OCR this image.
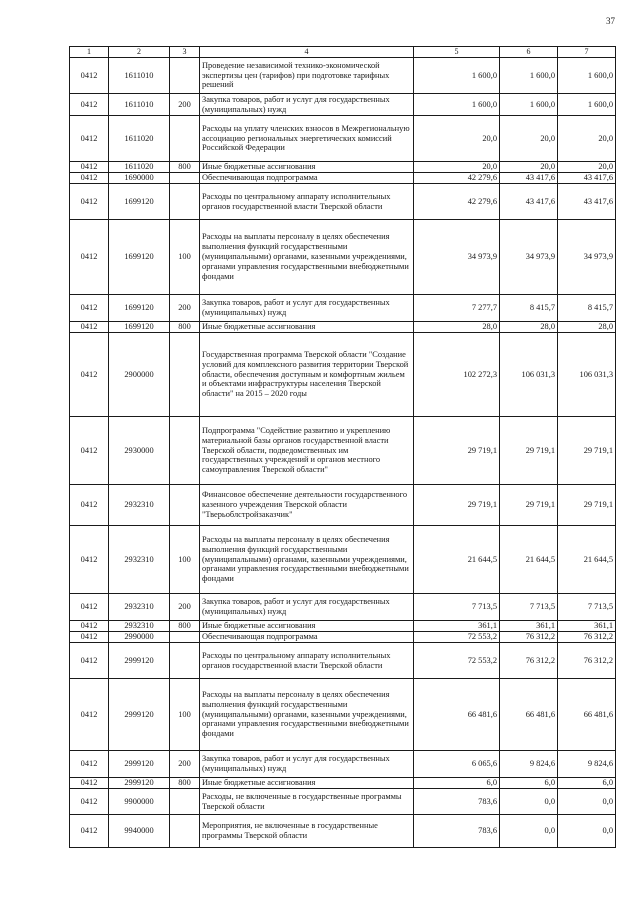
37
1	2	3	4	5	6	7
0412	1611010		Проведение независимой технико-экономической экспертизы цен (тарифов) при подготовке тарифных решений	1 600,0	1 600,0	1 600,0
0412	1611010	200	Закупка товаров, работ и услуг для государственных (муниципальных) нужд	1 600,0	1 600,0	1 600,0
0412	1611020		Расходы на уплату членских взносов в Межрегиональную ассоциацию региональных энергетических комиссий Российской Федерации	20,0	20,0	20,0
0412	1611020	800	Иные бюджетные ассигнования	20,0	20,0	20,0
0412	1690000		Обеспечивающая подпрограмма	42 279,6	43 417,6	43 417,6
0412	1699120		Расходы по центральному аппарату исполнительных органов государственной власти Тверской области	42 279,6	43 417,6	43 417,6
0412	1699120	100	Расходы на выплаты персоналу в целях обеспечения выполнения функций государственными (муниципальными) органами, казенными учреждениями, органами управления государственными внебюджетными фондами	34 973,9	34 973,9	34 973,9
0412	1699120	200	Закупка товаров, работ и услуг для государственных (муниципальных) нужд	7 277,7	8 415,7	8 415,7
0412	1699120	800	Иные бюджетные ассигнования	28,0	28,0	28,0
0412	2900000		Государственная программа Тверской области "Создание условий для комплексного развития территории Тверской области, обеспечения доступным и комфортным жильем и объектами инфраструктуры населения Тверской области" на 2015 – 2020 годы	102 272,3	106 031,3	106 031,3
0412	2930000		Подпрограмма "Содействие развитию и укреплению материальной базы органов государственной власти Тверской области, подведомственных им государственных учреждений и органов местного самоуправления Тверской области"	29 719,1	29 719,1	29 719,1
0412	2932310		Финансовое обеспечение деятельности государственного казенного учреждения Тверской области "Тверьоблстройзаказчик"	29 719,1	29 719,1	29 719,1
0412	2932310	100	Расходы на выплаты персоналу в целях обеспечения выполнения функций государственными (муниципальными) органами, казенными учреждениями, органами управления государственными внебюджетными фондами	21 644,5	21 644,5	21 644,5
0412	2932310	200	Закупка товаров, работ и услуг для государственных (муниципальных) нужд	7 713,5	7 713,5	7 713,5
0412	2932310	800	Иные бюджетные ассигнования	361,1	361,1	361,1
0412	2990000		Обеспечивающая подпрограмма	72 553,2	76 312,2	76 312,2
0412	2999120		Расходы по центральному аппарату исполнительных органов государственной власти Тверской области	72 553,2	76 312,2	76 312,2
0412	2999120	100	Расходы на выплаты персоналу в целях обеспечения выполнения функций государственными (муниципальными) органами, казенными учреждениями, органами управления государственными внебюджетными фондами	66 481,6	66 481,6	66 481,6
0412	2999120	200	Закупка товаров, работ и услуг для государственных (муниципальных) нужд	6 065,6	9 824,6	9 824,6
0412	2999120	800	Иные бюджетные ассигнования	6,0	6,0	6,0
0412	9900000		Расходы, не включенные в государственные программы Тверской области	783,6	0,0	0,0
0412	9940000		Мероприятия, не включенные в государственные программы Тверской области	783,6	0,0	0,0
